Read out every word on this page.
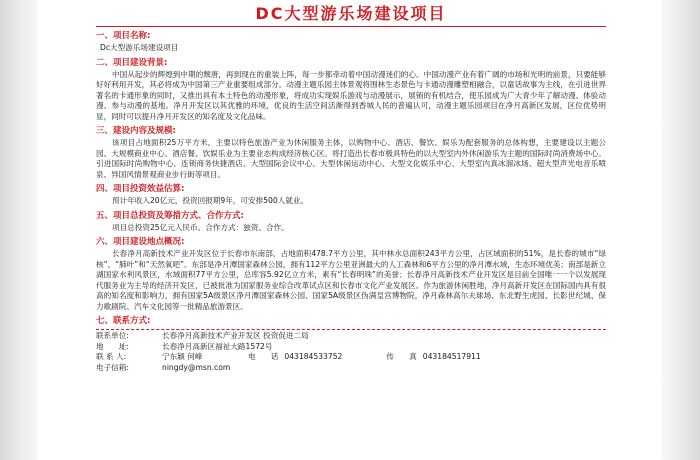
DC大型游乐场建设项目
一、项目名称:
Dc大型游乐场建设项目
二、项目建设背景:
中国从起步的辉煌到中期的颓唐，再到现在的重装上阵，每一步都牵动着中国动漫迷们的心。中国动漫产业有着广阔的市场和光明的前景，只要能够好好利用开发，其必将成为中国第三产业重要组成部分。动漫主题乐园主体景观将围林生态景色与卡通动漫雕塑相融合，以童话故事为主线，在引进世界著名的卡通形象的同时，又推出具有本土特色的动漫形象，将成功实现娱乐游戏与动漫展示，展销的有机结合，使乐园成为广大青少年了解动漫、体验动漫、参与动漫的基地。净月开发区以其优雅的环境，优良的生活空间活渐得到香城人民的普遍认可，动漫主题乐园项目在净月高新区发展，区位优势明显，同时可以提升净月开发区的知名度及文化品味。
三、建设内容及规模:
该项目占地面积25万平方米，主要以特色旅游产业为休闲服务主体，以购物中心、酒店、餐饮、娱乐为配套服务的总体构想，主要建设以主题公园、大规模商业中心、酒店餐、饮娱乐业为主要业态构成经济核心区。将打造出长春市极具特色的以大型室内外休闲游乐为主题的国际时尚消费场中心。引进国际时尚购物中心、连锁商务快捷酒店、大型国际会议中心、大型休闲运动中心、大型文化娱乐中心、大型室内真冰溜冰场、超大型声光电音乐喷泉、异国风情景观商业步行街等项目。
四、项目投资效益估算:
预计年收入20亿元，投资回报期9年，可安排500人就业。
五、项目总投资及筹措方式、合作方式:
项目总投资25亿元人民币。合作方式：独资、合作。
六、项目建设地点概况:
长春净月高新技术产业开发区位于长春市东南部，占地面积478.7平方公里，其中林水总面积243平方公里，占区域面积的51%，是长春的城市“绿核”、“肺叶”和“天然氧吧”。东部是净月潭国家森林公园，拥有112平方公里亚洲最大的人工森林和6平方公里的净月潭水域，生态环境优美；南部是新立湖国家水利风景区，水域面积77平方公里，总库容5.92亿立方米，素有“长春明珠”的美誉；长春净月高新技术产业开发区是目前全国唯一一个以发展现代服务业为主导的经济开发区，已被批准为国家服务业综合改革试点区和长春市文化产业发展区。作为旅游休闲胜地，净月高新开发区在国际国内具有很高的知名度和影响力，拥有国家5A级景区净月潭国家森林公园、国家5A级景区伪满皇宫博物院，净月森林高尔夫球场、东北野生虎园、长影世纪城、保力歌剧院、汽车文化园等一批精品旅游景区。
七、联系方式:
联系单位:	长春净月高新技术产业开发区 投资促进二局
地　　址:	长春净月高新区福祉大路1572号
联 系 人:	宁东颖 何峰	电　　话 043184533752	传　　真 043184517911
电子信箱:	ningdy@msn.com
